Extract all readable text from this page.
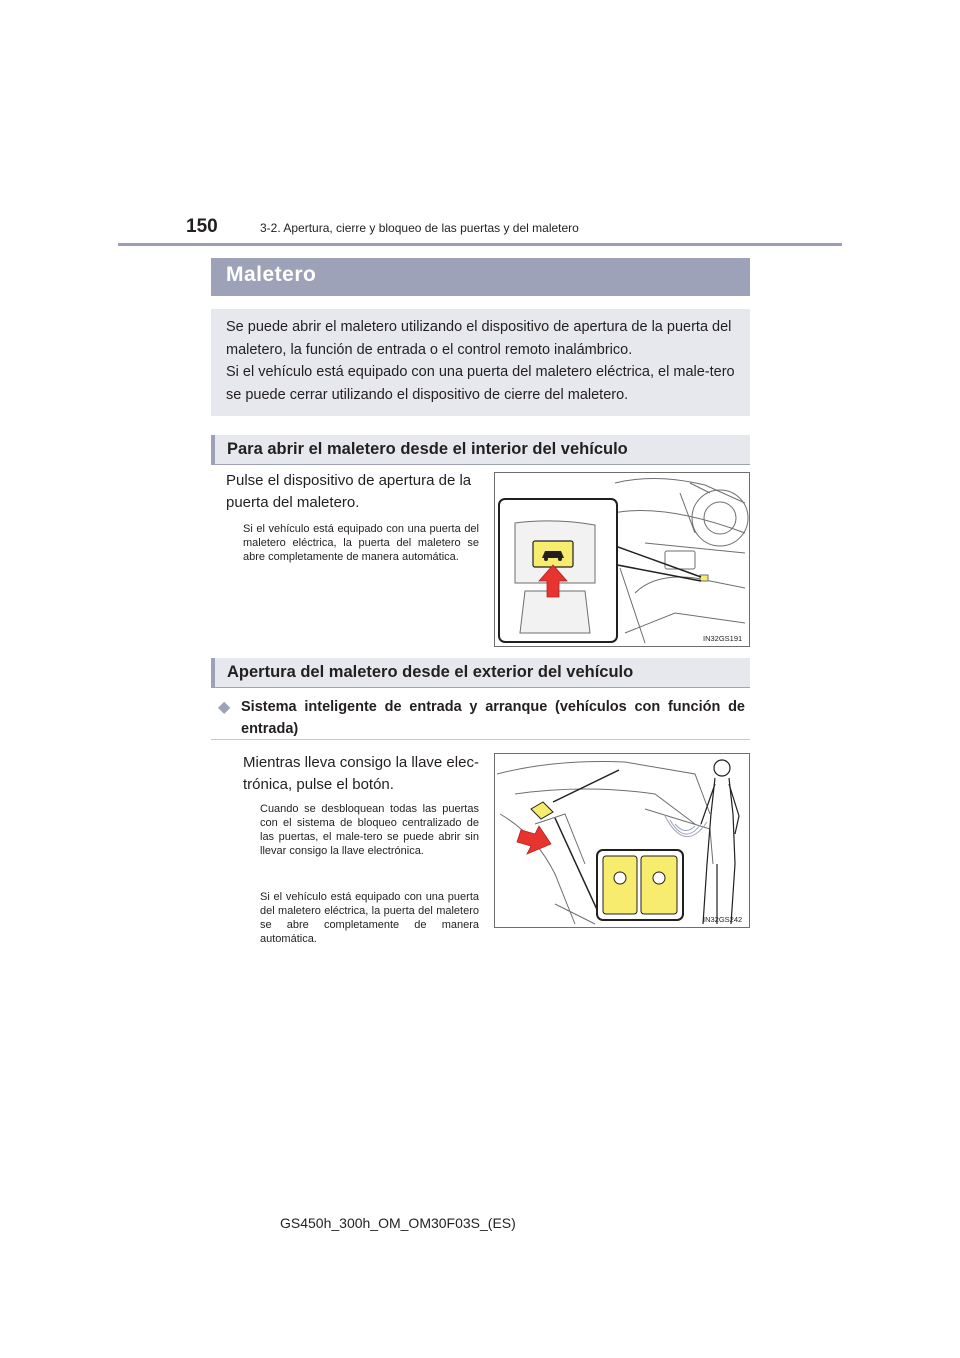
150	3-2. Apertura, cierre y bloqueo de las puertas y del maletero
Maletero
Se puede abrir el maletero utilizando el dispositivo de apertura de la puerta del maletero, la función de entrada o el control remoto inalámbrico.
Si el vehículo está equipado con una puerta del maletero eléctrica, el male-tero se puede cerrar utilizando el dispositivo de cierre del maletero.
Para abrir el maletero desde el interior del vehículo
Pulse el dispositivo de apertura de la puerta del maletero.
Si el vehículo está equipado con una puerta del maletero eléctrica, la puerta del maletero se abre completamente de manera automática.
IN32GS191
Apertura del maletero desde el exterior del vehículo
◆ Sistema inteligente de entrada y arranque (vehículos con función de entrada)
Mientras lleva consigo la llave elec-trónica, pulse el botón.
Cuando se desbloquean todas las puertas con el sistema de bloqueo centralizado de las puertas, el male-tero se puede abrir sin llevar consigo la llave electrónica.
Si el vehículo está equipado con una puerta del maletero eléctrica, la puerta del maletero se abre completamente de manera automática.
IN32GS242
GS450h_300h_OM_OM30F03S_(ES)
